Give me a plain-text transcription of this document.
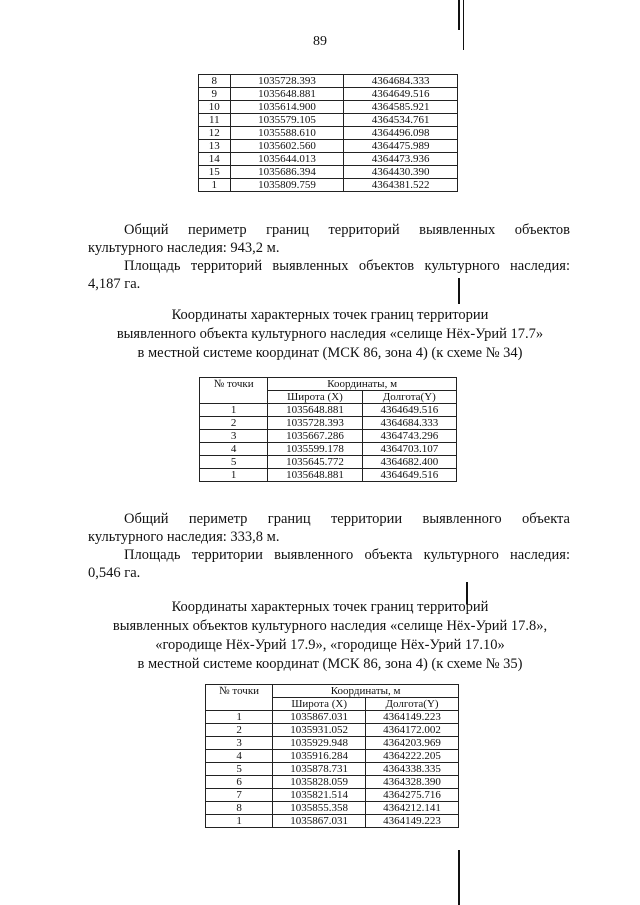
89
8	1035728.393	4364684.333
9	1035648.881	4364649.516
10	1035614.900	4364585.921
11	1035579.105	4364534.761
12	1035588.610	4364496.098
13	1035602.560	4364475.989
14	1035644.013	4364473.936
15	1035686.394	4364430.390
1	1035809.759	4364381.522
Общий периметр границ территорий выявленных объектов
культурного наследия: 943,2 м.
Площадь территорий выявленных объектов культурного наследия:
4,187 га.
Координаты характерных точек границ территории
выявленного объекта культурного наследия «селище Нёх-Урий 17.7»
в местной системе координат (МСК 86, зона 4) (к схеме № 34)
№ точки	Координаты, м	
	Широта (X)	Долгота(Y)
1	1035648.881	4364649.516
2	1035728.393	4364684.333
3	1035667.286	4364743.296
4	1035599.178	4364703.107
5	1035645.772	4364682.400
1	1035648.881	4364649.516
Общий периметр границ территории выявленного объекта
культурного наследия: 333,8 м.
Площадь территории выявленного объекта культурного наследия:
0,546 га.
Координаты характерных точек границ территорий
выявленных объектов культурного наследия «селище Нёх-Урий 17.8»,
«городище Нёх-Урий 17.9», «городище Нёх-Урий 17.10»
в местной системе координат (МСК 86, зона 4) (к схеме № 35)
№ точки	Координаты, м	
	Широта (X)	Долгота(Y)
1	1035867.031	4364149.223
2	1035931.052	4364172.002
3	1035929.948	4364203.969
4	1035916.284	4364222.205
5	1035878.731	4364338.335
6	1035828.059	4364328.390
7	1035821.514	4364275.716
8	1035855.358	4364212.141
1	1035867.031	4364149.223
